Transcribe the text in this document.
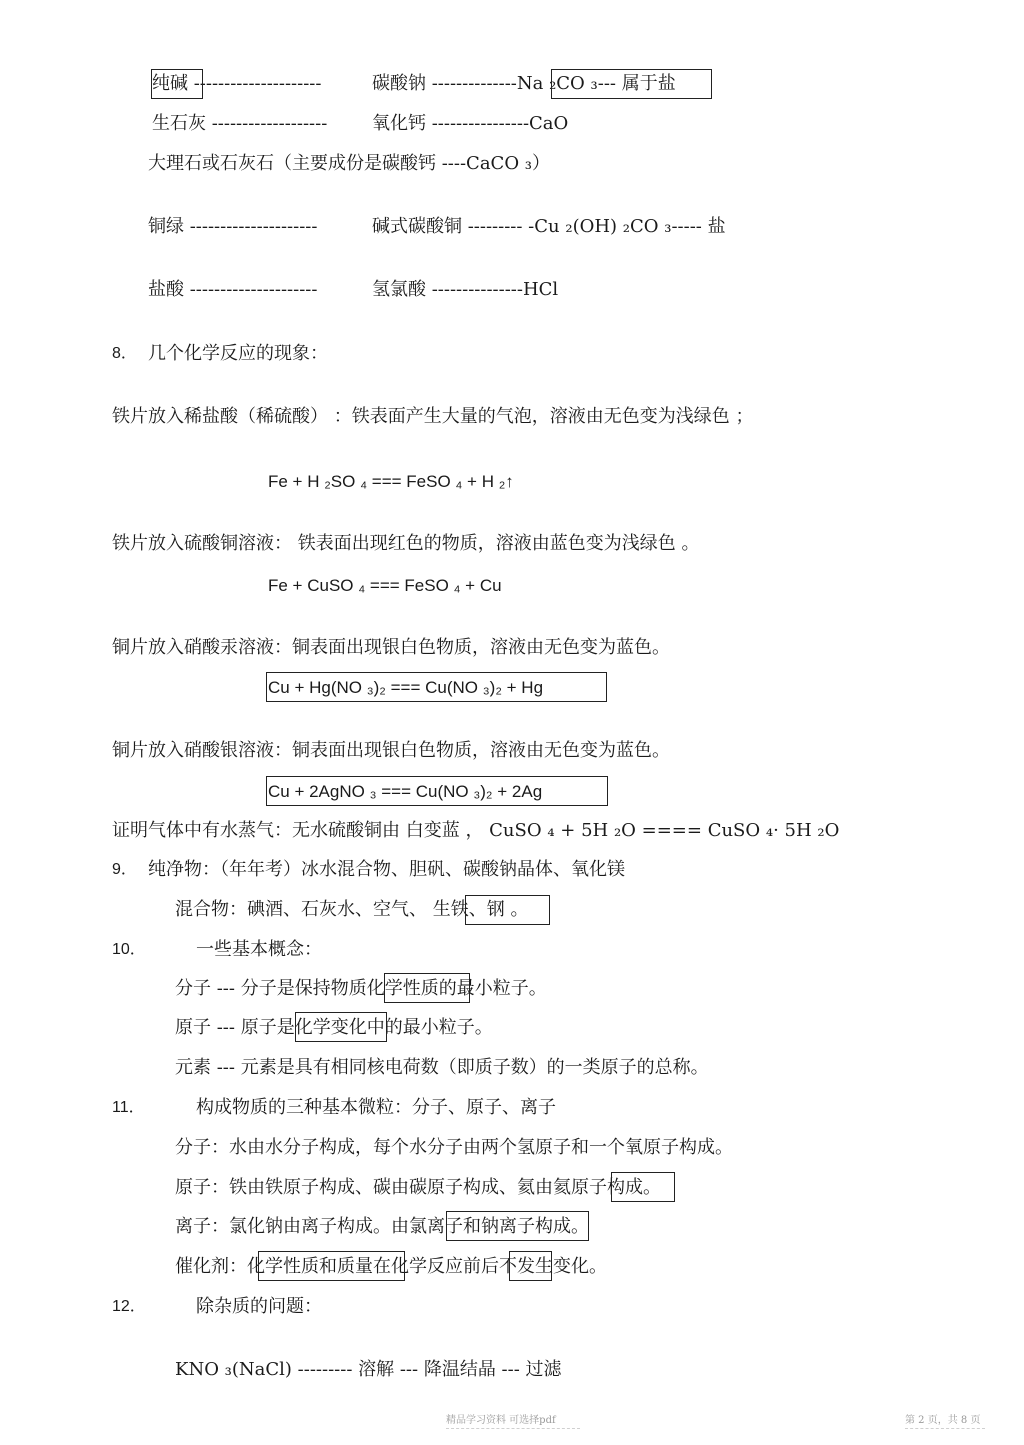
纯碱 ---------------------	碳酸钠 --------------Na ₂CO ₃--- 属于盐
生石灰 ------------------- 氧化钙 ----------------CaO
大理石或石灰石（主要成份是碳酸钙 ----CaCO ₃）
铜绿 ---------------------	碱式碳酸铜 --------- -Cu ₂(OH) ₂CO ₃----- 盐
盐酸 ---------------------	氢氯酸 ---------------HCl
8． 几个化学反应的现象：
铁片放入稀盐酸（稀硫酸） ：铁表面产生大量的气泡，溶液由无色变为浅绿色 ；
Fe + H ₂SO ₄ === FeSO ₄ + H ₂↑
铁片放入硫酸铜溶液： 铁表面出现红色的物质，溶液由蓝色变为浅绿色 。
Fe + CuSO ₄ === FeSO ₄ + Cu
铜片放入硝酸汞溶液：铜表面出现银白色物质，溶液由无色变为蓝色。
Cu + Hg(NO ₃)₂ === Cu(NO ₃)₂ + Hg
铜片放入硝酸银溶液：铜表面出现银白色物质，溶液由无色变为蓝色。
Cu + 2AgNO ₃ === Cu(NO ₃)₂ + 2Ag
证明气体中有水蒸气：无水硫酸铜由 白变蓝 ， CuSO ₄ + 5H ₂O ==== CuSO ₄· 5H ₂O
9． 纯净物：（年年考）冰水混合物、胆矾、碳酸钠晶体、氧化镁
混合物：碘酒、石灰水、空气、 生铁、钢 。
10．	一些基本概念：
分子 --- 分子是保持物质化学性质的最小粒子。
原子 --- 原子是化学变化中的最小粒子。
元素 --- 元素是具有相同核电荷数（即质子数）的一类原子的总称。
11．	构成物质的三种基本微粒：分子、原子、离子
分子：水由水分子构成，每个水分子由两个氢原子和一个氧原子构成。
原子：铁由铁原子构成、碳由碳原子构成、氦由氦原子构成。
离子：氯化钠由离子构成。由氯离子和钠离子构成。
催化剂：化学性质和质量在化学反应前后不发生变化。
12．	除杂质的问题：
KNO ₃(NaCl) --------- 溶解 --- 降温结晶 --- 过滤
精品学习资料 可选择pdf	第 2 页，共 8 页
